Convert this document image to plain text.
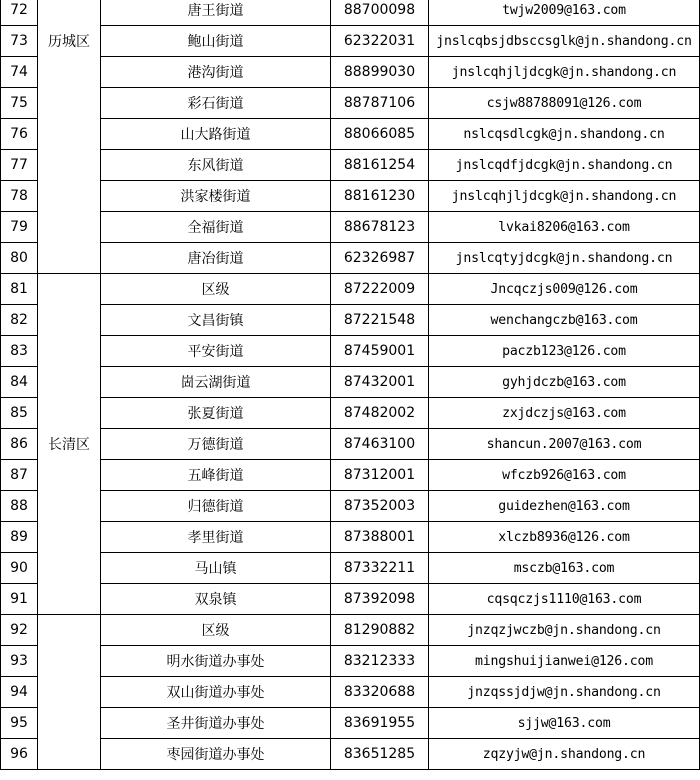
72	历城区	唐王街道	88700098	twjw2009@163.com
73		鲍山街道	62322031	jnslcqbsjdbsccsglk@jn.shandong.cn
74		港沟街道	88899030	jnslcqhjljdcgk@jn.shandong.cn
75		彩石街道	88787106	csjw88788091@126.com
76		山大路街道	88066085	nslcqsdlcgk@jn.shandong.cn
77		东风街道	88161254	jnslcqdfjdcgk@jn.shandong.cn
78		洪家楼街道	88161230	jnslcqhjljdcgk@jn.shandong.cn
79		全福街道	88678123	lvkai8206@163.com
80		唐冶街道	62326987	jnslcqtyjdcgk@jn.shandong.cn
81	长清区	区级	87222009	Jncqczjs009@126.com
82		文昌街镇	87221548	wenchangczb@163.com
83		平安街道	87459001	paczb123@126.com
84		崮云湖街道	87432001	gyhjdczb@163.com
85		张夏街道	87482002	zxjdczjs@163.com
86		万德街道	87463100	shancun.2007@163.com
87		五峰街道	87312001	wfczb926@163.com
88		归德街道	87352003	guidezhen@163.com
89		孝里街道	87388001	xlczb8936@126.com
90		马山镇	87332211	msczb@163.com
91		双泉镇	87392098	cqsqczjs1110@163.com
92		区级	81290882	jnzqzjwczb@jn.shandong.cn
93		明水街道办事处	83212333	mingshuijianwei@126.com
94		双山街道办事处	83320688	jnzqssjdjw@jn.shandong.cn
95		圣井街道办事处	83691955	sjjw@163.com
96		枣园街道办事处	83651285	zqzyjw@jn.shandong.cn
